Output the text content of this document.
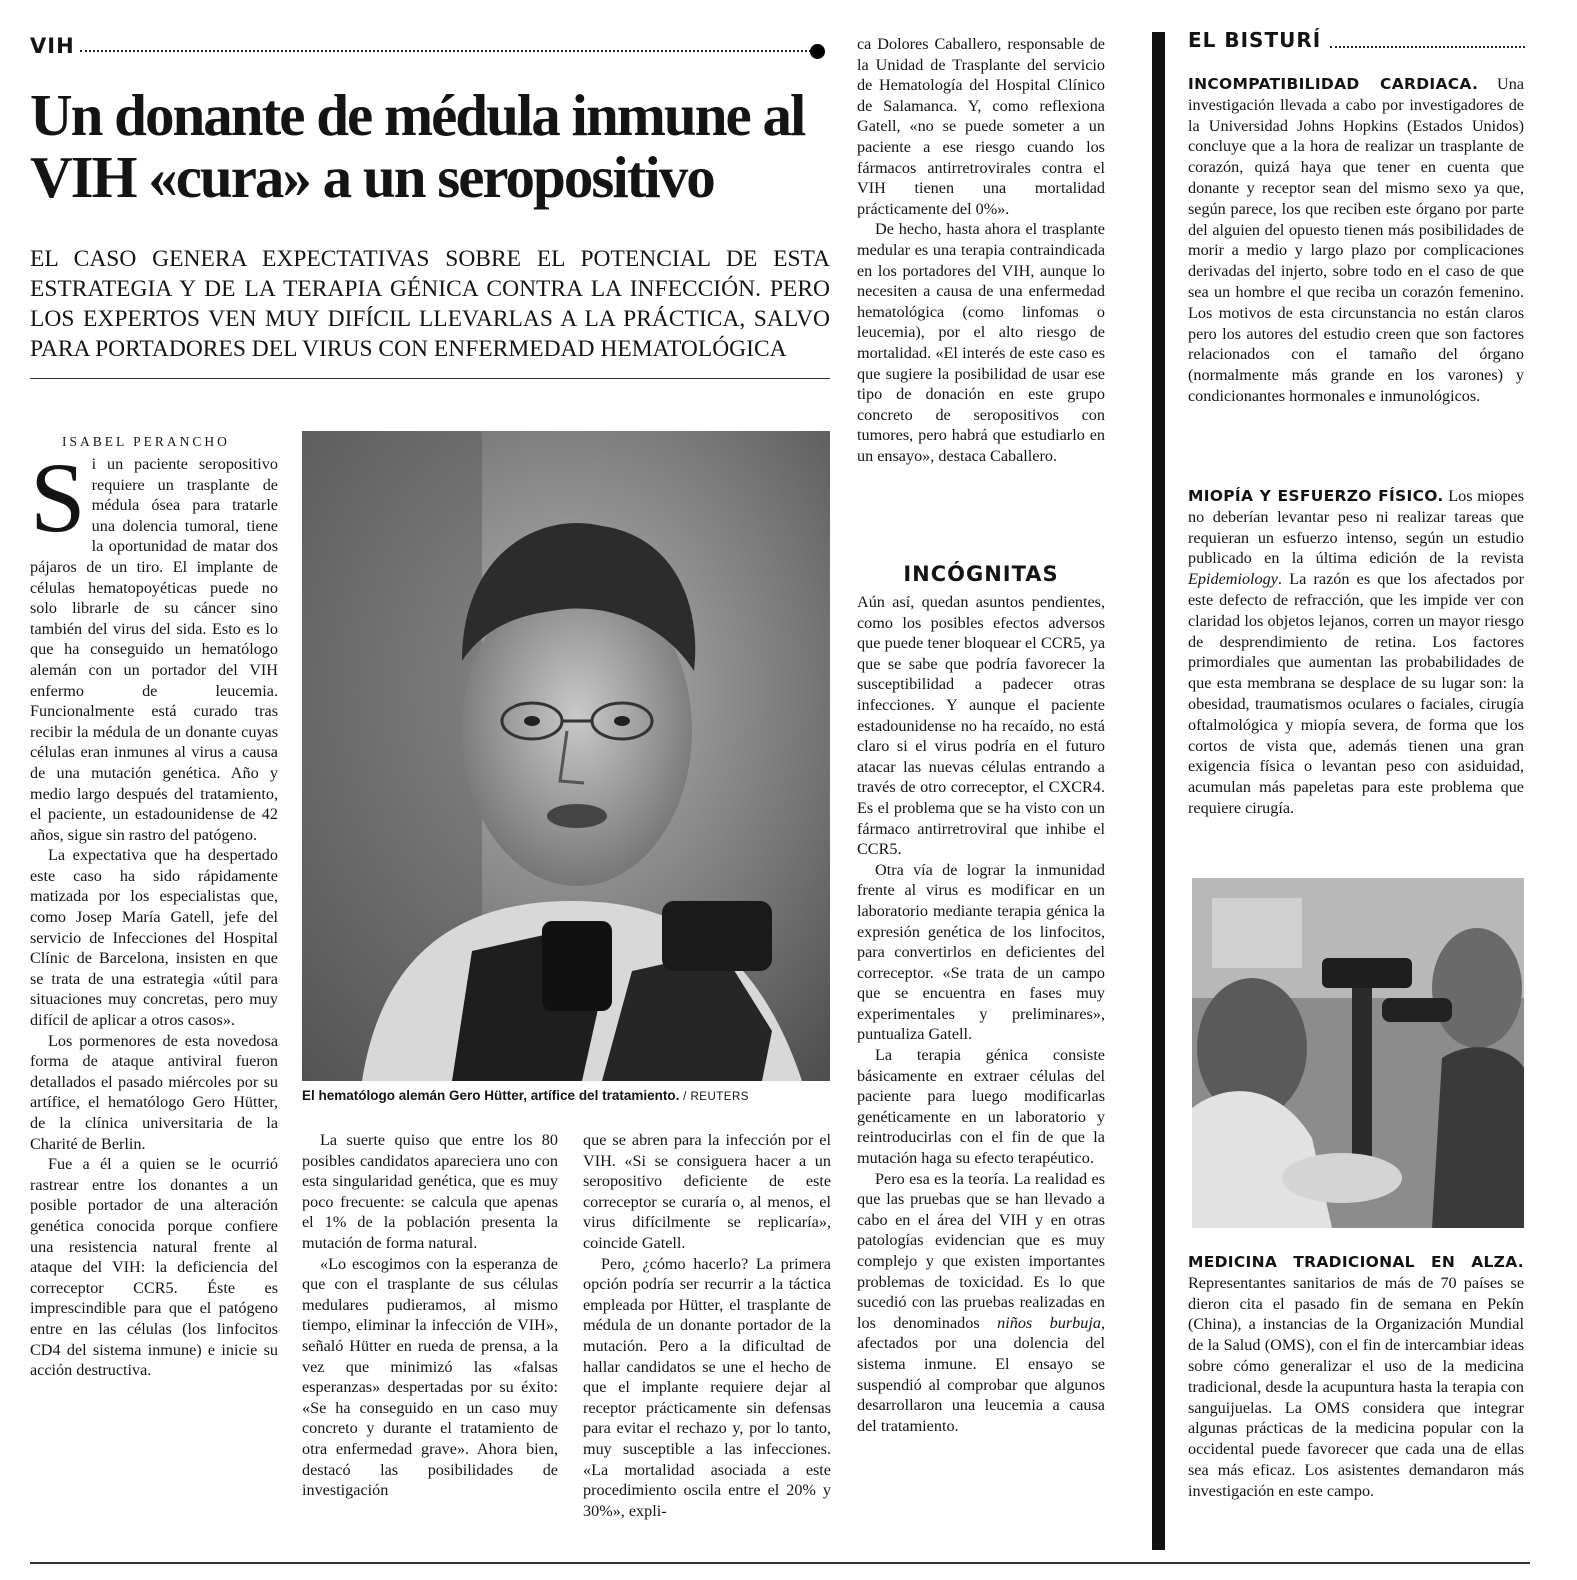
VIH
Un donante de médula inmune al VIH «cura» a un seropositivo

EL CASO GENERA EXPECTATIVAS SOBRE EL POTENCIAL DE ESTA ESTRATEGIA Y DE LA TERAPIA GÉNICA CONTRA LA INFECCIÓN. PERO LOS EXPERTOS VEN MUY DIFÍCIL LLEVARLAS A LA PRÁCTICA, SALVO PARA PORTADORES DEL VIRUS CON ENFERMEDAD HEMATOLÓGICA

ISABEL PERANCHO

Si un paciente seropositivo requiere un trasplante de médula ósea para tratarle una dolencia tumoral, tiene la oportunidad de matar dos pájaros de un tiro. El implante de células hematopoyéticas puede no solo librarle de su cáncer sino también del virus del sida. Esto es lo que ha conseguido un hematólogo alemán con un portador del VIH enfermo de leucemia. Funcionalmente está curado tras recibir la médula de un donante cuyas células eran inmunes al virus a causa de una mutación genética. Año y medio largo después del tratamiento, el paciente, un estadounidense de 42 años, sigue sin rastro del patógeno.

La expectativa que ha despertado este caso ha sido rápidamente matizada por los especialistas que, como Josep María Gatell, jefe del servicio de Infecciones del Hospital Clínic de Barcelona, insisten en que se trata de una estrategia «útil para situaciones muy concretas, pero muy difícil de aplicar a otros casos».

Los pormenores de esta novedosa forma de ataque antiviral fueron detallados el pasado miércoles por su artífice, el hematólogo Gero Hütter, de la clínica universitaria de la Charité de Berlin.

Fue a él a quien se le ocurrió rastrear entre los donantes a un posible portador de una alteración genética conocida porque confiere una resistencia natural frente al ataque del VIH: la deficiencia del correceptor CCR5. Éste es imprescindible para que el patógeno entre en las células (los linfocitos CD4 del sistema inmune) e inicie su acción destructiva.

El hematólogo alemán Gero Hütter, artífice del tratamiento. / REUTERS

La suerte quiso que entre los 80 posibles candidatos apareciera uno con esta singularidad genética, que es muy poco frecuente: se calcula que apenas el 1% de la población presenta la mutación de forma natural.

«Lo escogimos con la esperanza de que con el trasplante de sus células medulares pudieramos, al mismo tiempo, eliminar la infección de VIH», señaló Hütter en rueda de prensa, a la vez que minimizó las «falsas esperanzas» despertadas por su éxito: «Se ha conseguido en un caso muy concreto y durante el tratamiento de otra enfermedad grave». Ahora bien, destacó las posibilidades de investigación

que se abren para la infección por el VIH. «Si se consiguera hacer a un seropositivo deficiente de este correceptor se curaría o, al menos, el virus difícilmente se replicaría», coincide Gatell.

Pero, ¿cómo hacerlo? La primera opción podría ser recurrir a la táctica empleada por Hütter, el trasplante de médula de un donante portador de la mutación. Pero a la dificultad de hallar candidatos se une el hecho de que el implante requiere dejar al receptor prácticamente sin defensas para evitar el rechazo y, por lo tanto, muy susceptible a las infecciones. «La mortalidad asociada a este procedimiento oscila entre el 20% y 30%», expli-

ca Dolores Caballero, responsable de la Unidad de Trasplante del servicio de Hematología del Hospital Clínico de Salamanca. Y, como reflexiona Gatell, «no se puede someter a un paciente a ese riesgo cuando los fármacos antirretrovirales contra el VIH tienen una mortalidad prácticamente del 0%».

De hecho, hasta ahora el trasplante medular es una terapia contraindicada en los portadores del VIH, aunque lo necesiten a causa de una enfermedad hematológica (como linfomas o leucemia), por el alto riesgo de mortalidad. «El interés de este caso es que sugiere la posibilidad de usar ese tipo de donación en este grupo concreto de seropositivos con tumores, pero habrá que estudiarlo en un ensayo», destaca Caballero.

INCÓGNITAS

Aún así, quedan asuntos pendientes, como los posibles efectos adversos que puede tener bloquear el CCR5, ya que se sabe que podría favorecer la susceptibilidad a padecer otras infecciones. Y aunque el paciente estadounidense no ha recaído, no está claro si el virus podría en el futuro atacar las nuevas células entrando a través de otro correceptor, el CXCR4. Es el problema que se ha visto con un fármaco antirretroviral que inhibe el CCR5.

Otra vía de lograr la inmunidad frente al virus es modificar en un laboratorio mediante terapia génica la expresión genética de los linfocitos, para convertirlos en deficientes del correceptor. «Se trata de un campo que se encuentra en fases muy experimentales y preliminares», puntualiza Gatell.

La terapia génica consiste básicamente en extraer células del paciente para luego modificarlas genéticamente en un laboratorio y reintroducirlas con el fin de que la mutación haga su efecto terapéutico.

Pero esa es la teoría. La realidad es que las pruebas que se han llevado a cabo en el área del VIH y en otras patologías evidencian que es muy complejo y que existen importantes problemas de toxicidad. Es lo que sucedió con las pruebas realizadas en los denominados niños burbuja, afectados por una dolencia del sistema inmune. El ensayo se suspendió al comprobar que algunos desarrollaron una leucemia a causa del tratamiento.

EL BISTURÍ

INCOMPATIBILIDAD CARDIACA. Una investigación llevada a cabo por investigadores de la Universidad Johns Hopkins (Estados Unidos) concluye que a la hora de realizar un trasplante de corazón, quizá haya que tener en cuenta que donante y receptor sean del mismo sexo ya que, según parece, los que reciben este órgano por parte del alguien del opuesto tienen más posibilidades de morir a medio y largo plazo por complicaciones derivadas del injerto, sobre todo en el caso de que sea un hombre el que reciba un corazón femenino. Los motivos de esta circunstancia no están claros pero los autores del estudio creen que son factores relacionados con el tamaño del órgano (normalmente más grande en los varones) y condicionantes hormonales e inmunológicos.

MIOPÍA Y ESFUERZO FÍSICO. Los miopes no deberían levantar peso ni realizar tareas que requieran un esfuerzo intenso, según un estudio publicado en la última edición de la revista Epidemiology. La razón es que los afectados por este defecto de refracción, que les impide ver con claridad los objetos lejanos, corren un mayor riesgo de desprendimiento de retina. Los factores primordiales que aumentan las probabilidades de que esta membrana se desplace de su lugar son: la obesidad, traumatismos oculares o faciales, cirugía oftalmológica y miopía severa, de forma que los cortos de vista que, además tienen una gran exigencia física o levantan peso con asiduidad, acumulan más papeletas para este problema que requiere cirugía.

MEDICINA TRADICIONAL EN ALZA. Representantes sanitarios de más de 70 países se dieron cita el pasado fin de semana en Pekín (China), a instancias de la Organización Mundial de la Salud (OMS), con el fin de intercambiar ideas sobre cómo generalizar el uso de la medicina tradicional, desde la acupuntura hasta la terapia con sanguijuelas. La OMS considera que integrar algunas prácticas de la medicina popular con la occidental puede favorecer que cada una de ellas sea más eficaz. Los asistentes demandaron más investigación en este campo.
